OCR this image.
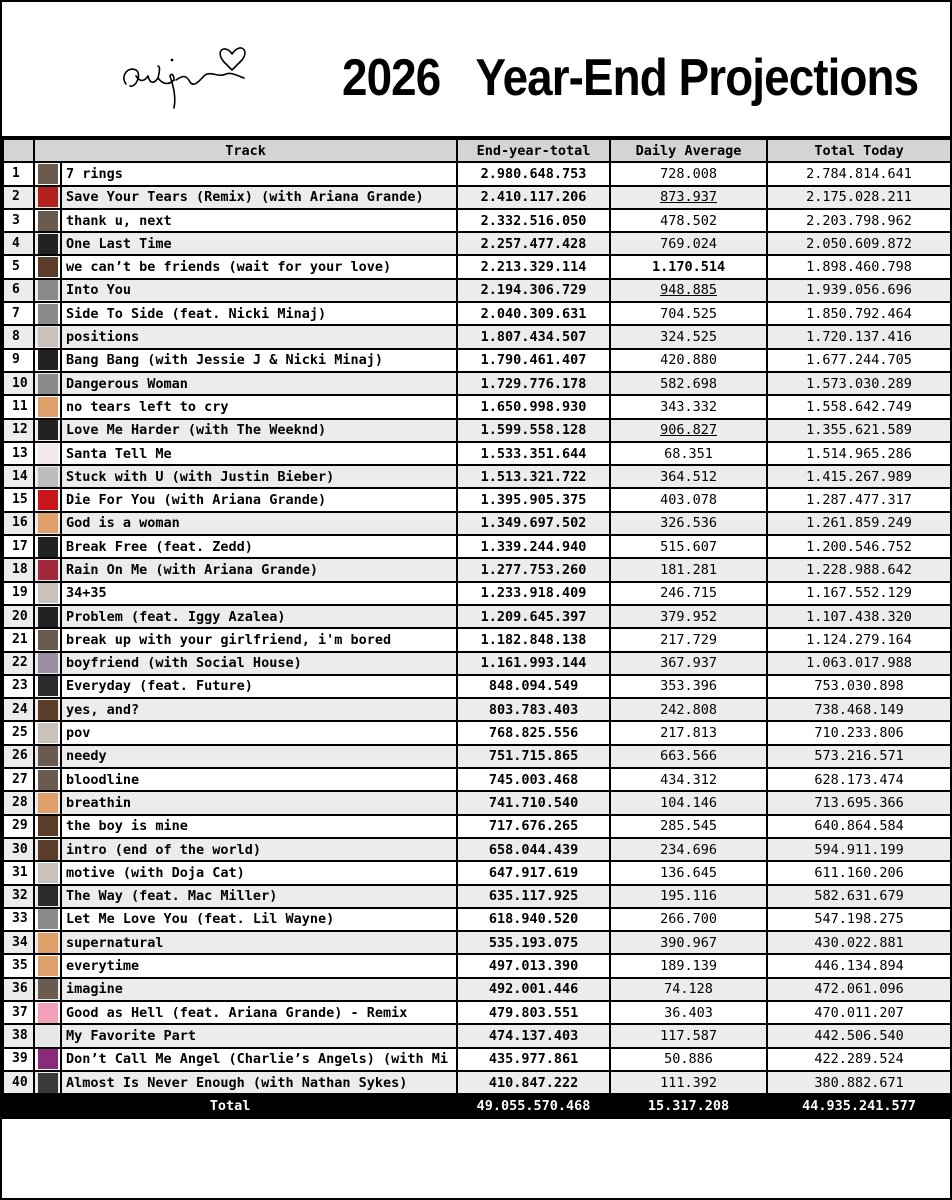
2026 Year-End Projections
	Track		End-year-total	Daily Average	Total Today
1		7 rings	2.980.648.753	728.008	2.784.814.641
2		Save Your Tears (Remix) (with Ariana Grande)	2.410.117.206	873.937	2.175.028.211
3		thank u, next	2.332.516.050	478.502	2.203.798.962
4		One Last Time	2.257.477.428	769.024	2.050.609.872
5		we can’t be friends (wait for your love)	2.213.329.114	1.170.514	1.898.460.798
6		Into You	2.194.306.729	948.885	1.939.056.696
7		Side To Side (feat. Nicki Minaj)	2.040.309.631	704.525	1.850.792.464
8		positions	1.807.434.507	324.525	1.720.137.416
9		Bang Bang (with Jessie J & Nicki Minaj)	1.790.461.407	420.880	1.677.244.705
10		Dangerous Woman	1.729.776.178	582.698	1.573.030.289
11		no tears left to cry	1.650.998.930	343.332	1.558.642.749
12		Love Me Harder (with The Weeknd)	1.599.558.128	906.827	1.355.621.589
13		Santa Tell Me	1.533.351.644	68.351	1.514.965.286
14		Stuck with U (with Justin Bieber)	1.513.321.722	364.512	1.415.267.989
15		Die For You (with Ariana Grande)	1.395.905.375	403.078	1.287.477.317
16		God is a woman	1.349.697.502	326.536	1.261.859.249
17		Break Free (feat. Zedd)	1.339.244.940	515.607	1.200.546.752
18		Rain On Me (with Ariana Grande)	1.277.753.260	181.281	1.228.988.642
19		34+35	1.233.918.409	246.715	1.167.552.129
20		Problem (feat. Iggy Azalea)	1.209.645.397	379.952	1.107.438.320
21		break up with your girlfriend, i'm bored	1.182.848.138	217.729	1.124.279.164
22		boyfriend (with Social House)	1.161.993.144	367.937	1.063.017.988
23		Everyday (feat. Future)	848.094.549	353.396	753.030.898
24		yes, and?	803.783.403	242.808	738.468.149
25		pov	768.825.556	217.813	710.233.806
26		needy	751.715.865	663.566	573.216.571
27		bloodline	745.003.468	434.312	628.173.474
28		breathin	741.710.540	104.146	713.695.366
29		the boy is mine	717.676.265	285.545	640.864.584
30		intro (end of the world)	658.044.439	234.696	594.911.199
31		motive (with Doja Cat)	647.917.619	136.645	611.160.206
32		The Way (feat. Mac Miller)	635.117.925	195.116	582.631.679
33		Let Me Love You (feat. Lil Wayne)	618.940.520	266.700	547.198.275
34		supernatural	535.193.075	390.967	430.022.881
35		everytime	497.013.390	189.139	446.134.894
36		imagine	492.001.446	74.128	472.061.096
37		Good as Hell (feat. Ariana Grande) - Remix	479.803.551	36.403	470.011.207
38		My Favorite Part	474.137.403	117.587	442.506.540
39		Don’t Call Me Angel (Charlie’s Angels) (with Mi	435.977.861	50.886	422.289.524
40		Almost Is Never Enough (with Nathan Sykes)	410.847.222	111.392	380.882.671
Total			49.055.570.468	15.317.208	44.935.241.577
